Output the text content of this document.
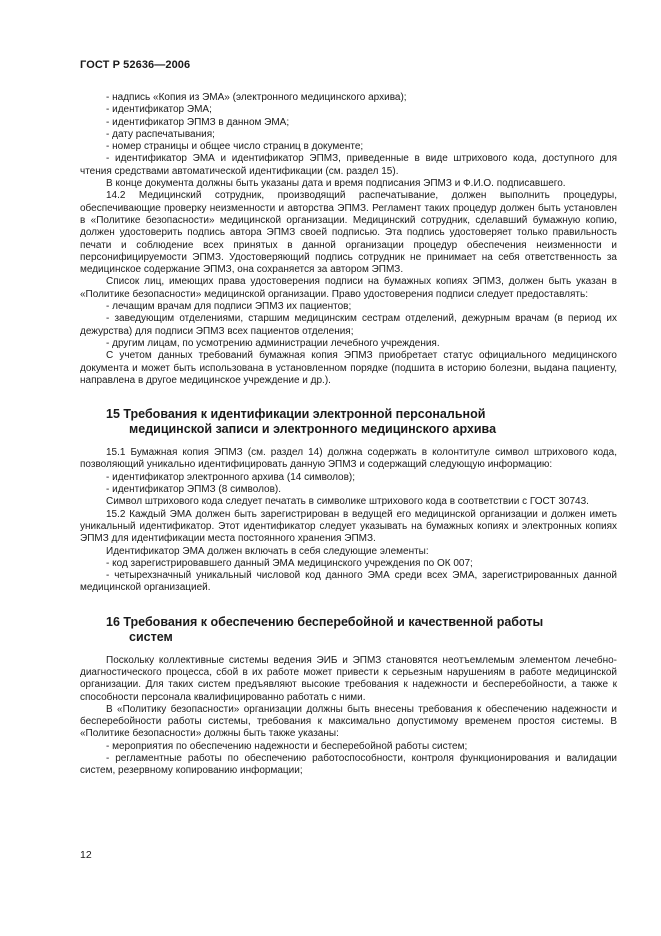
ГОСТ Р 52636—2006

- надпись «Копия из ЭМА» (электронного медицинского архива);

- идентификатор ЭМА;

- идентификатор ЭПМЗ в данном ЭМА;

- дату распечатывания;

- номер страницы и общее число страниц в документе;

- идентификатор ЭМА и идентификатор ЭПМЗ, приведенные в виде штрихового кода, доступного для чтения средствами автоматической идентификации (см. раздел 15).

В конце документа должны быть указаны дата и время подписания ЭПМЗ и Ф.И.О. подписавшего.

14.2 Медицинский сотрудник, производящий распечатывание, должен выполнить процедуры, обеспечивающие проверку неизменности и авторства ЭПМЗ. Регламент таких процедур должен быть установлен в «Политике безопасности» медицинской организации. Медицинский сотрудник, сделавший бумажную копию, должен удостоверить подпись автора ЭПМЗ своей подписью. Эта подпись удостоверяет только правильность печати и соблюдение всех принятых в данной организации процедур обеспечения неизменности и персонифицируемости ЭПМЗ. Удостоверяющий подпись сотрудник не принимает на себя ответственность за медицинское содержание ЭПМЗ, она сохраняется за автором ЭПМЗ.

Список лиц, имеющих права удостоверения подписи на бумажных копиях ЭПМЗ, должен быть указан в «Политике безопасности» медицинской организации. Право удостоверения подписи следует предоставлять:

- лечащим врачам для подписи ЭПМЗ их пациентов;

- заведующим отделениями, старшим медицинским сестрам отделений, дежурным врачам (в период их дежурства) для подписи ЭПМЗ всех пациентов отделения;

- другим лицам, по усмотрению администрации лечебного учреждения.

С учетом данных требований бумажная копия ЭПМЗ приобретает статус официального медицинского документа и может быть использована в установленном порядке (подшита в историю болезни, выдана пациенту, направлена в другое медицинское учреждение и др.).

15 Требования к идентификации электронной персональной
медицинской записи и электронного медицинского архива

15.1 Бумажная копия ЭПМЗ (см. раздел 14) должна содержать в колонтитуле символ штрихового кода, позволяющий уникально идентифицировать данную ЭПМЗ и содержащий следующую информацию:

- идентификатор электронного архива (14 символов);

- идентификатор ЭПМЗ (8 символов).

Символ штрихового кода следует печатать в символике штрихового кода в соответствии с ГОСТ 30743.

15.2 Каждый ЭМА должен быть зарегистрирован в ведущей его медицинской организации и должен иметь уникальный идентификатор. Этот идентификатор следует указывать на бумажных копиях и электронных копиях ЭПМЗ для идентификации места постоянного хранения ЭПМЗ.

Идентификатор ЭМА должен включать в себя следующие элементы:

- код зарегистрировавшего данный ЭМА медицинского учреждения по ОК 007;

- четырехзначный уникальный числовой код данного ЭМА среди всех ЭМА, зарегистрированных данной медицинской организацией.

16 Требования к обеспечению бесперебойной и качественной работы
систем

Поскольку коллективные системы ведения ЭИБ и ЭПМЗ становятся неотъемлемым элементом лечебно-диагностического процесса, сбой в их работе может привести к серьезным нарушениям в работе медицинской организации. Для таких систем предъявляют высокие требования к надежности и бесперебойности, а также к способности персонала квалифицированно работать с ними.

В «Политику безопасности» организации должны быть внесены требования к обеспечению надежности и бесперебойности работы системы, требования к максимально допустимому временем простоя системы. В «Политике безопасности» должны быть также указаны:

- мероприятия по обеспечению надежности и бесперебойной работы систем;

- регламентные работы по обеспечению работоспособности, контроля функционирования и валидации систем, резервному копированию информации;

12
